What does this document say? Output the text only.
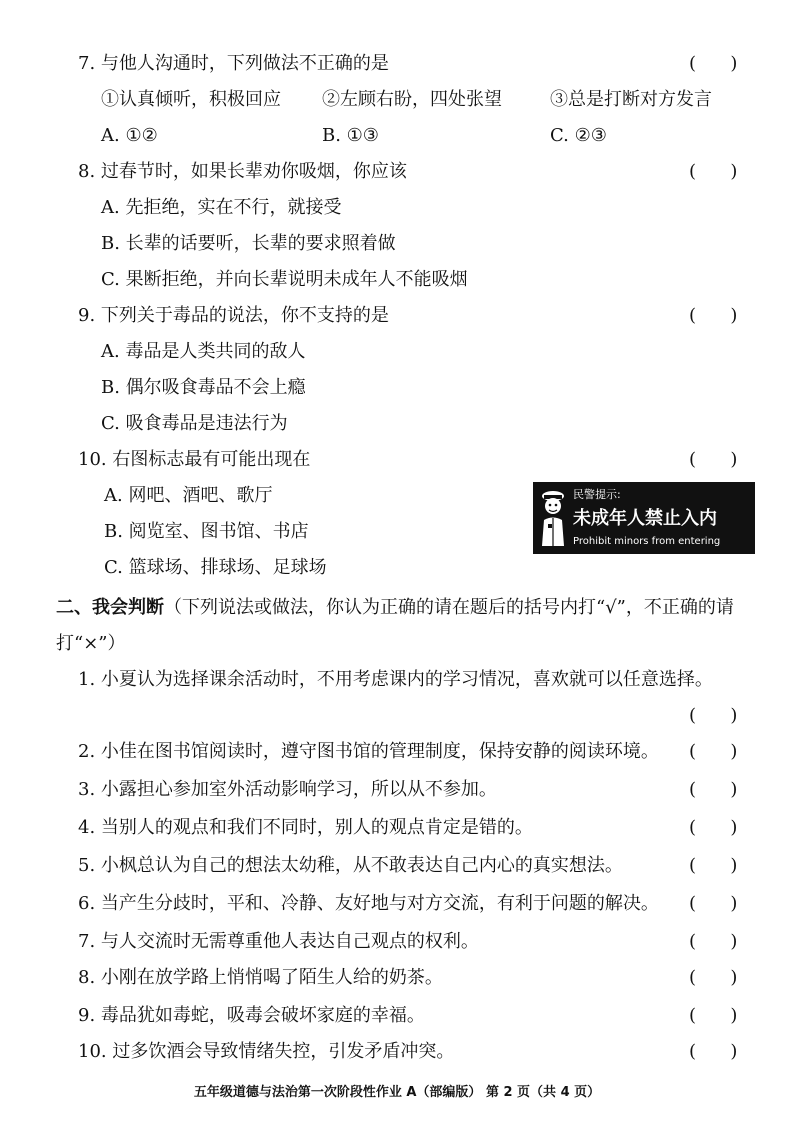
7. 与他人沟通时，下列做法不正确的是	(      )
①认真倾听，积极回应 ②左顾右盼，四处张望	③总是打断对方发言
A. ①②	B. ①③	C. ②③
8. 过春节时，如果长辈劝你吸烟，你应该	(      )
A. 先拒绝，实在不行，就接受
B. 长辈的话要听，长辈的要求照着做
C. 果断拒绝，并向长辈说明未成年人不能吸烟
9. 下列关于毒品的说法，你不支持的是	(      )
A. 毒品是人类共同的敌人
B. 偶尔吸食毒品不会上瘾
C. 吸食毒品是违法行为
10. 右图标志最有可能出现在	(      )
A. 网吧、酒吧、歌厅
B. 阅览室、图书馆、书店
C. 篮球场、排球场、足球场
民警提示:
未成年人禁止入内
Prohibit minors from entering
二、我会判断（下列说法或做法，你认为正确的请在题后的括号内打“√”，不正确的请
打“×”）
1. 小夏认为选择课余活动时，不用考虑课内的学习情况，喜欢就可以任意选择。
(      )
2. 小佳在图书馆阅读时，遵守图书馆的管理制度，保持安静的阅读环境。 (      )
3. 小露担心参加室外活动影响学习，所以从不参加。	(      )
4. 当别人的观点和我们不同时，别人的观点肯定是错的。	(      )
5. 小枫总认为自己的想法太幼稚，从不敢表达自己内心的真实想法。	(      )
6. 当产生分歧时，平和、冷静、友好地与对方交流，有利于问题的解决。 (      )
7. 与人交流时无需尊重他人表达自己观点的权利。	(      )
8. 小刚在放学路上悄悄喝了陌生人给的奶茶。	(      )
9. 毒品犹如毒蛇，吸毒会破坏家庭的幸福。	(      )
10. 过多饮酒会导致情绪失控，引发矛盾冲突。	(      )
五年级道德与法治第一次阶段性作业 A（部编版） 第 2 页（共 4 页）
